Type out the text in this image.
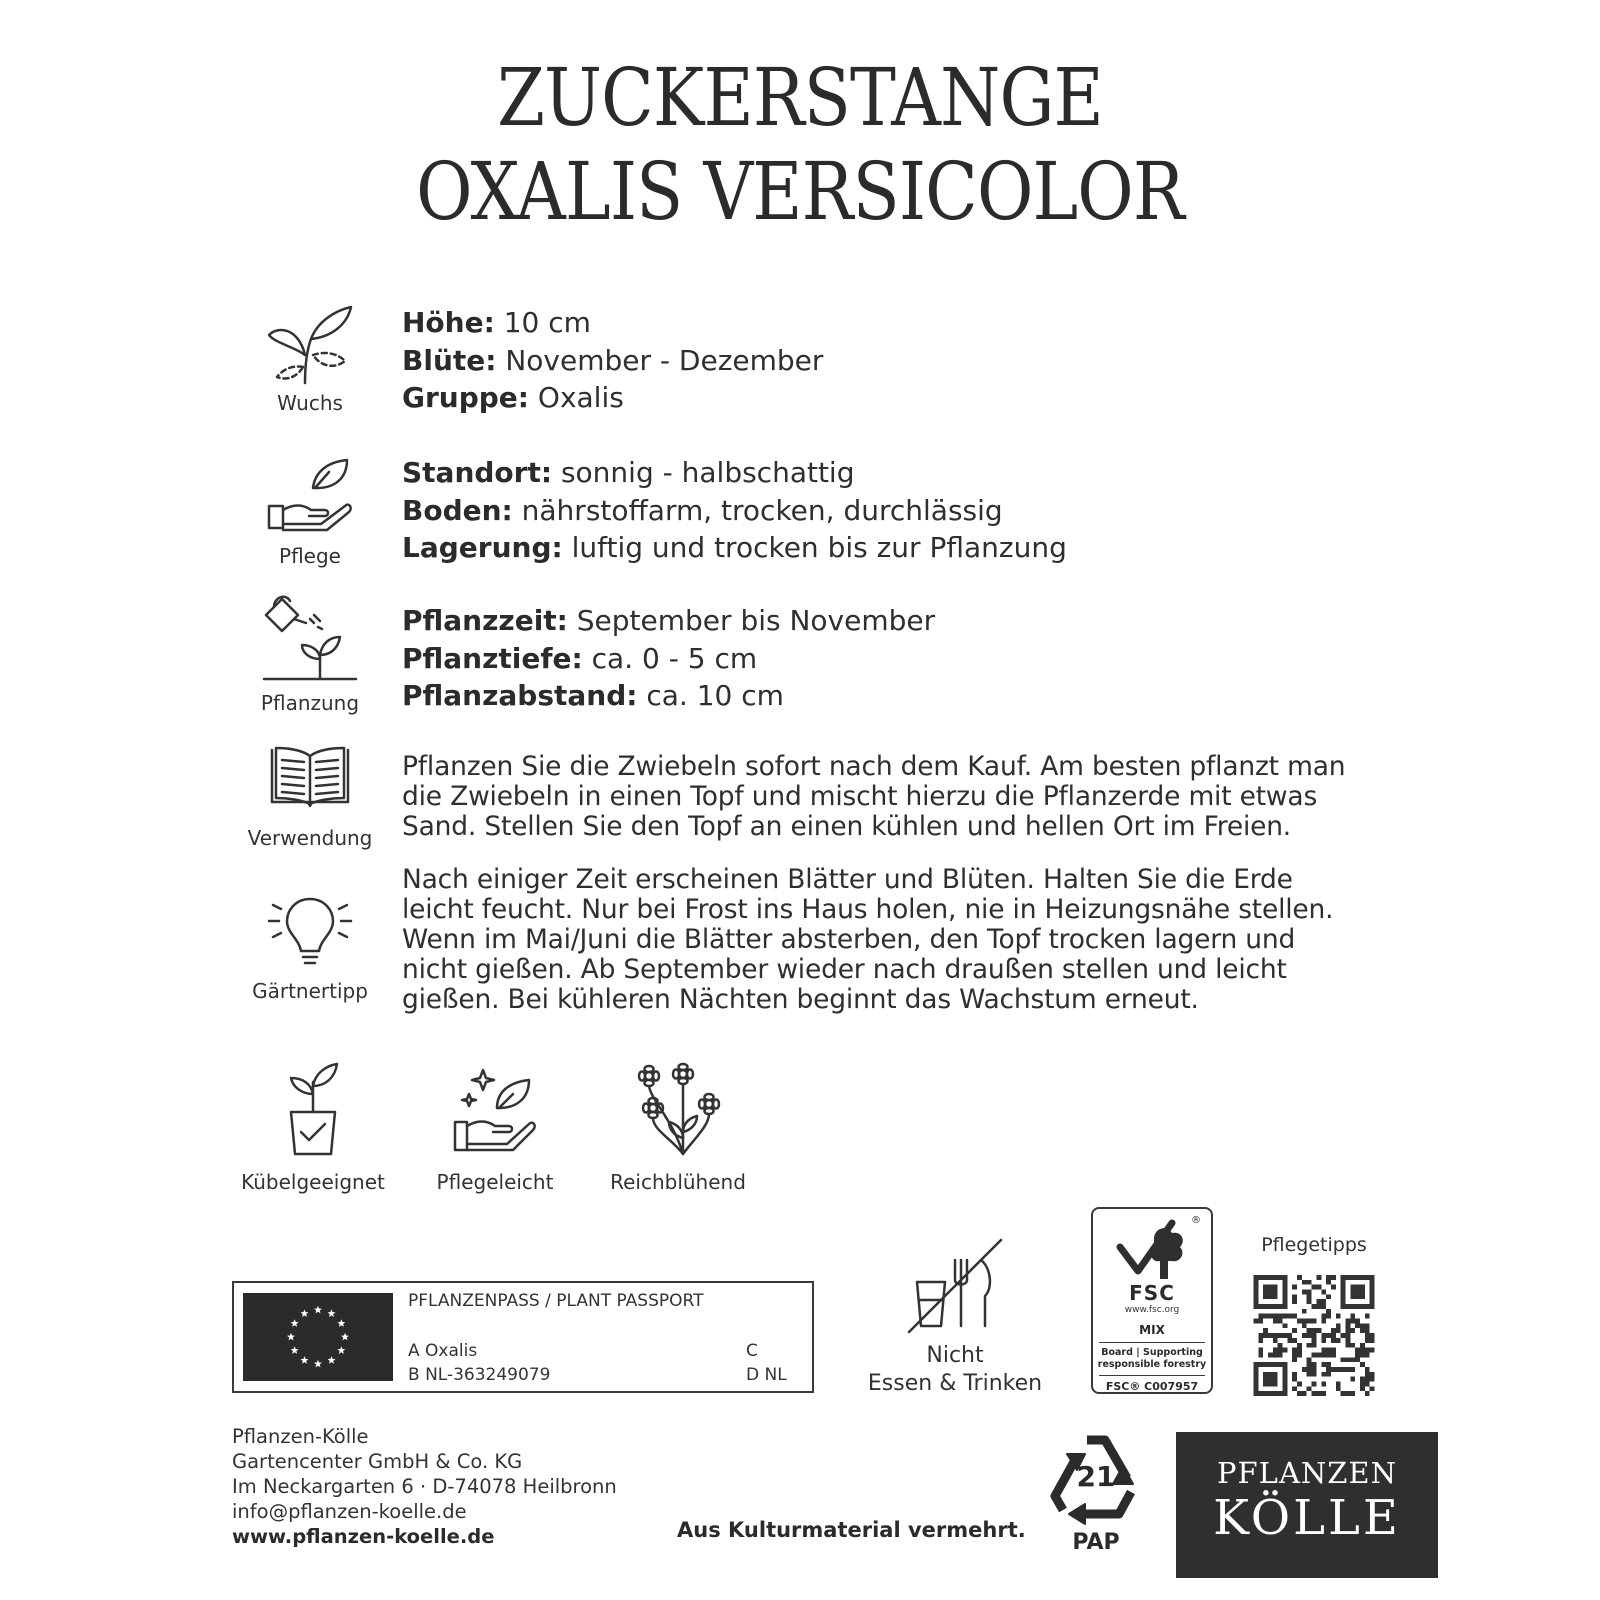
ZUCKERSTANGE
OXALIS VERSICOLOR
Wuchs
Höhe: 10 cm
Blüte: November - Dezember
Gruppe: Oxalis
Pflege
Standort: sonnig - halbschattig
Boden: nährstoffarm, trocken, durchlässig
Lagerung: luftig und trocken bis zur Pflanzung
Pflanzung
Pflanzzeit: September bis November
Pflanztiefe: ca. 0 - 5 cm
Pflanzabstand: ca. 10 cm
Verwendung
Pflanzen Sie die Zwiebeln sofort nach dem Kauf. Am besten pflanzt man
die Zwiebeln in einen Topf und mischt hierzu die Pflanzerde mit etwas
Sand. Stellen Sie den Topf an einen kühlen und hellen Ort im Freien.
Gärtnertipp
Nach einiger Zeit erscheinen Blätter und Blüten. Halten Sie die Erde
leicht feucht. Nur bei Frost ins Haus holen, nie in Heizungsnähe stellen.
Wenn im Mai/Juni die Blätter absterben, den Topf trocken lagern und
nicht gießen. Ab September wieder nach draußen stellen und leicht
gießen. Bei kühleren Nächten beginnt das Wachstum erneut.
Kübelgeeignet	Pflegeleicht	Reichblühend
PFLANZENPASS / PLANT PASSPORT
A Oxalis
B NL-363249079
C
D NL
Nicht
Essen & Trinken
®
FSC
www.fsc.org
MIX
Board | Supporting
responsible forestry
FSC® C007957
Pflegetipps
Pflanzen-Kölle
Gartencenter GmbH & Co. KG
Im Neckargarten 6 · D-74078 Heilbronn
info@pflanzen-koelle.de
www.pflanzen-koelle.de	Aus Kulturmaterial vermehrt.
21
PAP
PFLANZEN
KÖLLE
